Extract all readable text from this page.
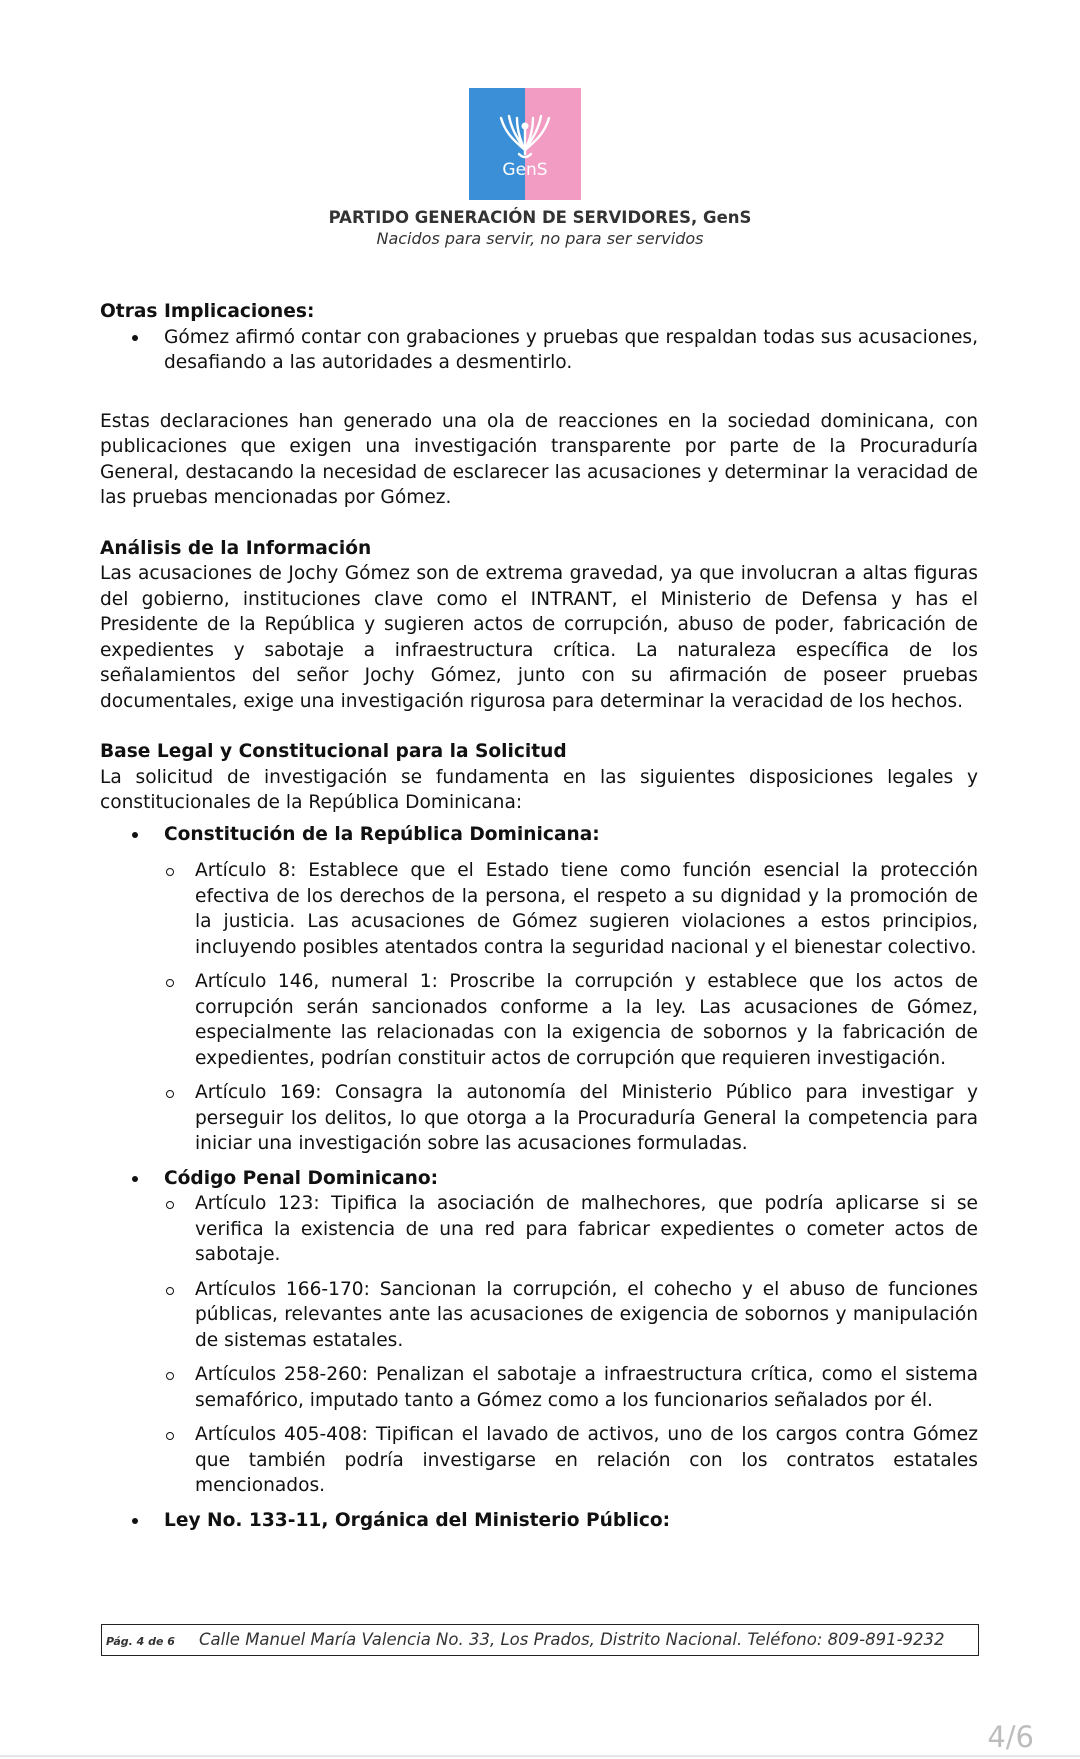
GenS
PARTIDO GENERACIÓN DE SERVIDORES, GenS
Nacidos para servir, no para ser servidos
Otras Implicaciones:
Gómez afirmó contar con grabaciones y pruebas que respaldan todas sus acusaciones, desafiando a las autoridades a desmentirlo.

Estas declaraciones han generado una ola de reacciones en la sociedad dominicana, con publicaciones que exigen una investigación transparente por parte de la Procuraduría General, destacando la necesidad de esclarecer las acusaciones y determinar la veracidad de las pruebas mencionadas por Gómez.

Análisis de la Información

Las acusaciones de Jochy Gómez son de extrema gravedad, ya que involucran a altas figuras del gobierno, instituciones clave como el INTRANT, el Ministerio de Defensa y has el Presidente de la República y sugieren actos de corrupción, abuso de poder, fabricación de expedientes y sabotaje a infraestructura crítica. La naturaleza específica de los señalamientos del señor Jochy Gómez, junto con su afirmación de poseer pruebas documentales, exige una investigación rigurosa para determinar la veracidad de los hechos.

Base Legal y Constitucional para la Solicitud

La solicitud de investigación se fundamenta en las siguientes disposiciones legales y constitucionales de la República Dominicana:

Constitución de la República Dominicana:
Artículo 8: Establece que el Estado tiene como función esencial la protección efectiva de los derechos de la persona, el respeto a su dignidad y la promoción de la justicia. Las acusaciones de Gómez sugieren violaciones a estos principios, incluyendo posibles atentados contra la seguridad nacional y el bienestar colectivo.
Artículo 146, numeral 1: Proscribe la corrupción y establece que los actos de corrupción serán sancionados conforme a la ley. Las acusaciones de Gómez, especialmente las relacionadas con la exigencia de sobornos y la fabricación de expedientes, podrían constituir actos de corrupción que requieren investigación.
Artículo 169: Consagra la autonomía del Ministerio Público para investigar y perseguir los delitos, lo que otorga a la Procuraduría General la competencia para iniciar una investigación sobre las acusaciones formuladas.
Código Penal Dominicano:
Artículo 123: Tipifica la asociación de malhechores, que podría aplicarse si se verifica la existencia de una red para fabricar expedientes o cometer actos de sabotaje.
Artículos 166-170: Sancionan la corrupción, el cohecho y el abuso de funciones públicas, relevantes ante las acusaciones de exigencia de sobornos y manipulación de sistemas estatales.
Artículos 258-260: Penalizan el sabotaje a infraestructura crítica, como el sistema semafórico, imputado tanto a Gómez como a los funcionarios señalados por él.
Artículos 405-408: Tipifican el lavado de activos, uno de los cargos contra Gómez que también podría investigarse en relación con los contratos estatales mencionados.
Ley No. 133-11, Orgánica del Ministerio Público:
Pág. 4 de 6 Calle Manuel María Valencia No. 33, Los Prados, Distrito Nacional. Teléfono: 809-891-9232
4/6
